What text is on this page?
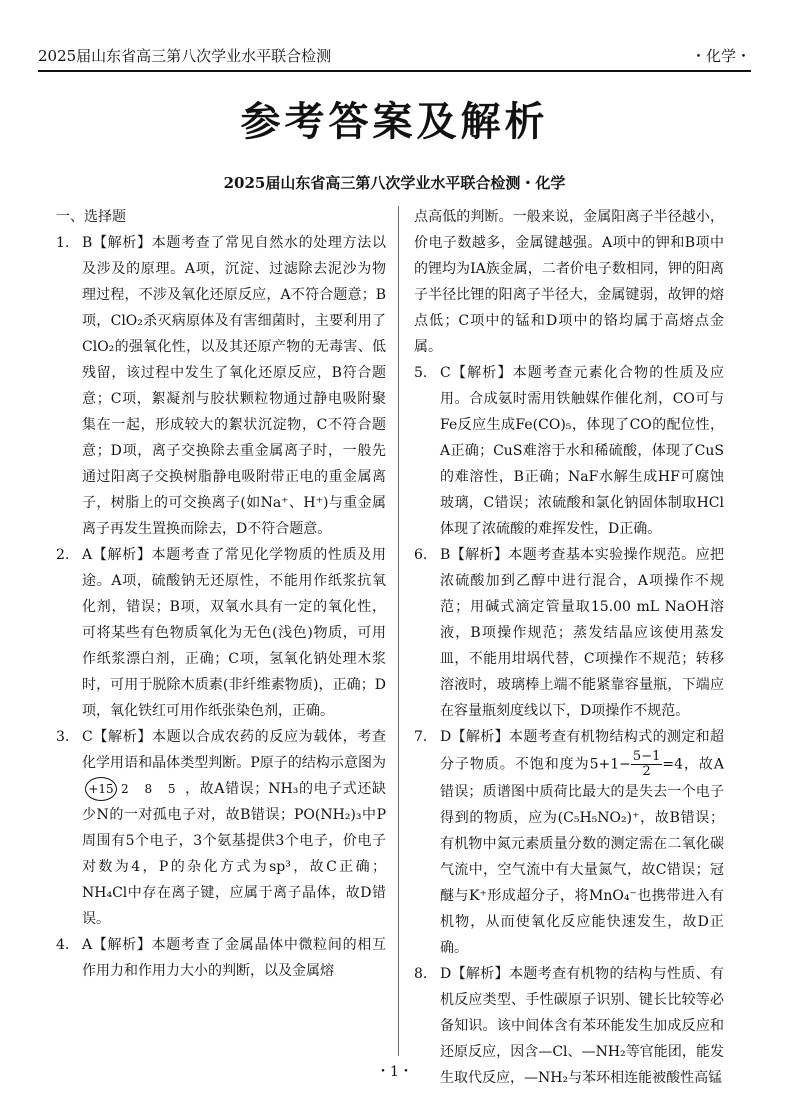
2025届山东省高三第八次学业水平联合检测	・化学・
参考答案及解析
2025届山东省高三第八次学业水平联合检测・化学

一、选择题

1. B【解析】本题考查了常见自然水的处理方法以及涉及的原理。A项，沉淀、过滤除去泥沙为物理过程，不涉及氧化还原反应，A不符合题意；B项，ClO₂杀灭病原体及有害细菌时，主要利用了ClO₂的强氧化性，以及其还原产物的无毒害、低残留，该过程中发生了氧化还原反应，B符合题意；C项，絮凝剂与胶状颗粒物通过静电吸附聚集在一起，形成较大的絮状沉淀物，C不符合题意；D项，离子交换除去重金属离子时，一般先通过阳离子交换树脂静电吸附带正电的重金属离子，树脂上的可交换离子(如Na⁺、H⁺)与重金属离子再发生置换而除去，D不符合题意。

2. A【解析】本题考查了常见化学物质的性质及用途。A项，硫酸钠无还原性，不能用作纸浆抗氧化剂，错误；B项，双氧水具有一定的氧化性，可将某些有色物质氧化为无色(浅色)物质，可用作纸浆漂白剂，正确；C项，氢氧化钠处理木浆时，可用于脱除木质素(非纤维素物质)，正确；D项，氧化铁红可用作纸张染色剂，正确。

3. C【解析】本题以合成农药的反应为载体，考查化学用语和晶体类型判断。P原子的结构示意图为
+15 2 8 5 ，故A错误；NH₃的电子式还缺少N的一对孤电子对，故B错误；PO(NH₂)₃中P周围有5个电子，3个氨基提供3个电子，价电子对数为4，P的杂化方式为sp³，故C正确；NH₄Cl中存在离子键，应属于离子晶体，故D错误。

4. A【解析】本题考查了金属晶体中微粒间的相互作用力和作用力大小的判断，以及金属熔

点高低的判断。一般来说，金属阳离子半径越小，价电子数越多，金属键越强。A项中的钾和B项中的锂均为ⅠA族金属，二者价电子数相同，钾的阳离子半径比锂的阳离子半径大，金属键弱，故钾的熔点低；C项中的锰和D项中的铬均属于高熔点金属。

5. C【解析】本题考查元素化合物的性质及应用。合成氨时需用铁触媒作催化剂，CO可与Fe反应生成Fe(CO)₅，体现了CO的配位性，A正确；CuS难溶于水和稀硫酸，体现了CuS的难溶性，B正确；NaF水解生成HF可腐蚀玻璃，C错误；浓硫酸和氯化钠固体制取HCl体现了浓硫酸的难挥发性，D正确。

6. B【解析】本题考查基本实验操作规范。应把浓硫酸加到乙醇中进行混合，A项操作不规范；用碱式滴定管量取15.00 mL NaOH溶液，B项操作规范；蒸发结晶应该使用蒸发皿，不能用坩埚代替，C项操作不规范；转移溶液时，玻璃棒上端不能紧靠容量瓶，下端应在容量瓶刻度线以下，D项操作不规范。

7. D【解析】本题考查有机物结构式的测定和超分子物质。不饱和度为$5+1- \frac{5-1}{2} =4$，故A错误；质谱图中质荷比最大的是失去一个电子得到的物质，应为(C₅H₅NO₂)⁺，故B错误；有机物中氮元素质量分数的测定需在二氧化碳气流中，空气流中有大量氮气，故C错误；冠醚与K⁺形成超分子，将MnO₄⁻也携带进入有机物，从而使氧化反应能快速发生，故D正确。

8. D【解析】本题考查有机物的结构与性质、有机反应类型、手性碳原子识别、键长比较等必备知识。该中间体含有苯环能发生加成反应和还原反应，因含—Cl、—NH₂等官能团，能发生取代反应，—NH₂与苯环相连能被酸性高锰

・1・
